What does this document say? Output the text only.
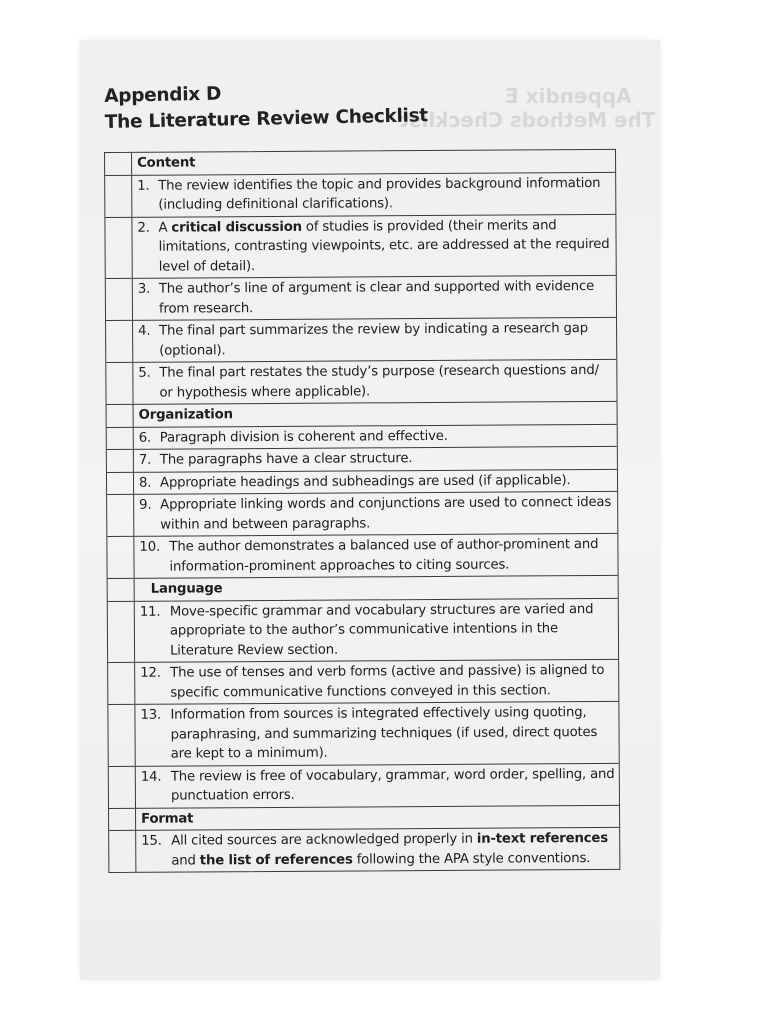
Appendix E
The Methods Checklist
Appendix D
The Literature Review Checklist
Content
1. The review identifies the topic and provides background information (including definitional clarifications).
2. A critical discussion of studies is provided (their merits and limitations, contrasting viewpoints, etc. are addressed at the required level of detail).
3. The author’s line of argument is clear and supported with evidence from research.
4. The final part summarizes the review by indicating a research gap (optional).
5. The final part restates the study’s purpose (research questions and/ or hypothesis where applicable).
Organization
6. Paragraph division is coherent and effective.
7. The paragraphs have a clear structure.
8. Appropriate headings and subheadings are used (if applicable).
9. Appropriate linking words and conjunctions are used to connect ideas within and between paragraphs.
10. The author demonstrates a balanced use of author-prominent and information-prominent approaches to citing sources.
Language
11. Move-specific grammar and vocabulary structures are varied and appropriate to the author’s communicative intentions in the Literature Review section.
12. The use of tenses and verb forms (active and passive) is aligned to specific communicative functions conveyed in this section.
13. Information from sources is integrated effectively using quoting, paraphrasing, and summarizing techniques (if used, direct quotes are kept to a minimum).
14. The review is free of vocabulary, grammar, word order, spelling, and punctuation errors.
Format
15. All cited sources are acknowledged properly in in-text references and the list of references following the APA style conventions.
